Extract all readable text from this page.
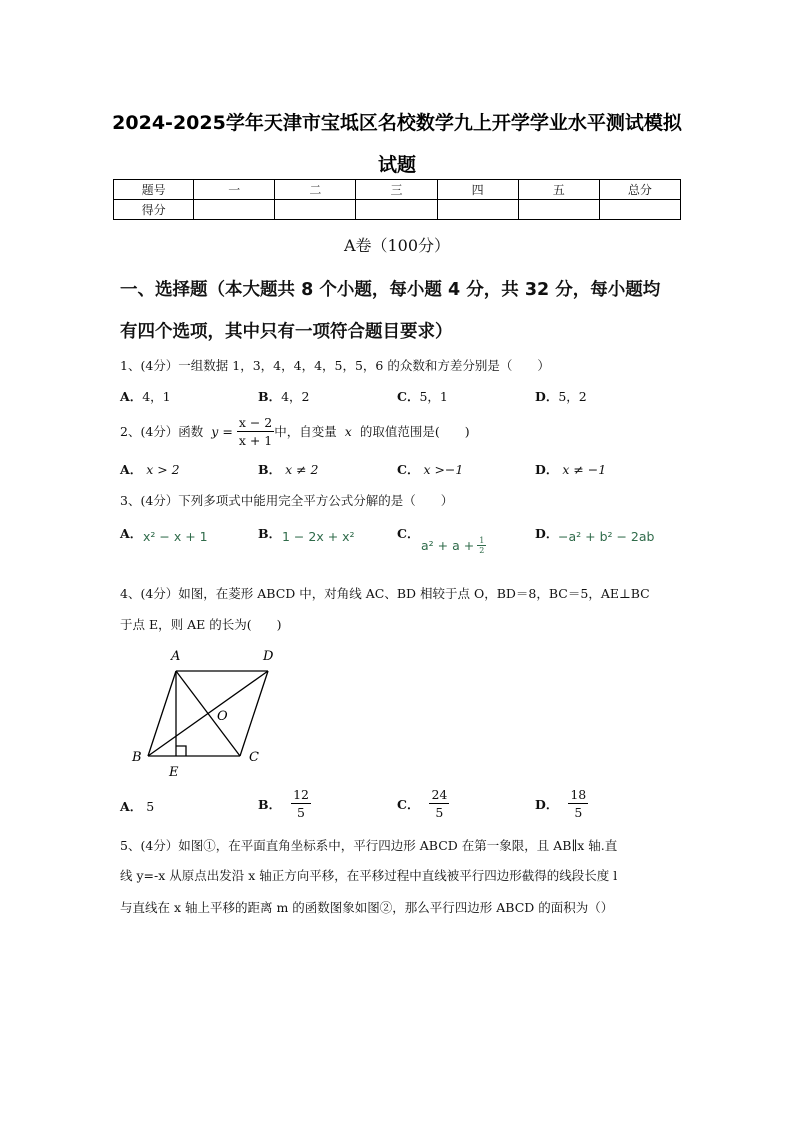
2024-2025学年天津市宝坻区名校数学九上开学学业水平测试模拟
试题
题号	一	二	三	四	五	总分
得分						
A卷（100分）
一、选择题（本大题共 8 个小题，每小题 4 分，共 32 分，每小题均
有四个选项，其中只有一项符合题目要求）
1、(4分）一组数据 1，3，4，4，4，5，5，6 的众数和方差分别是（　　）
A．4，1	B．4，2	C．5，1	D．5，2
2、(4分）函数 $y = \frac{x - 2}{x + 1}$ 中，自变量 x 的取值范围是(　　)
A． x > 2	B． x ≠ 2	C． x >−1	D． x ≠ −1
3、(4分）下列多项式中能用完全平方公式分解的是（　　）
A． x² − x + 1	B． 1 − 2x + x²	C．
$a^2 + a + \frac{1}{2}$
D． −a² + b² − 2ab
4、(4分）如图，在菱形 ABCD 中，对角线 AC、BD 相较于点 O，BD＝8，BC＝5，AE⊥BC
于点 E，则 AE 的长为(　　)
A	D
O
B	C
E
A． 5	B． $\frac{12}{5}$	C． $\frac{24}{5}$	D． $\frac{18}{5}$
5、(4分）如图①，在平面直角坐标系中，平行四边形 ABCD 在第一象限，且 AB∥x 轴.直
线 y=-x 从原点出发沿 x 轴正方向平移，在平移过程中直线被平行四边形截得的线段长度 l
与直线在 x 轴上平移的距离 m 的函数图象如图②，那么平行四边形 ABCD 的面积为（）
